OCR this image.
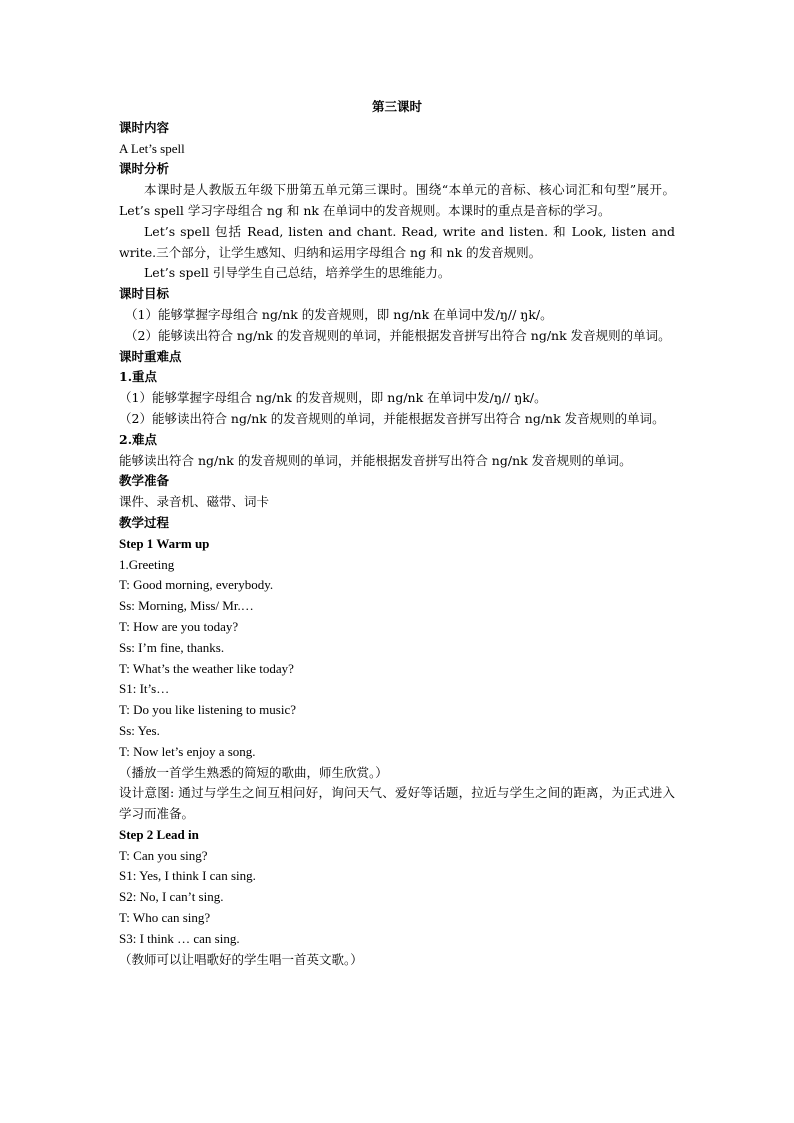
第三课时
课时内容
A Let’s spell
课时分析
本课时是人教版五年级下册第五单元第三课时。围绕“本单元的音标、核心词汇和句型”展开。Let’s spell 学习字母组合 ng 和 nk 在单词中的发音规则。本课时的重点是音标的学习。
Let’s spell 包括 Read, listen and chant. Read, write and listen. 和 Look, listen and write.三个部分，让学生感知、归纳和运用字母组合 ng 和 nk 的发音规则。
Let’s spell 引导学生自己总结，培养学生的思维能力。
课时目标
（1）能够掌握字母组合 ng/nk 的发音规则，即 ng/nk 在单词中发/ŋ// ŋk/。
（2）能够读出符合 ng/nk 的发音规则的单词，并能根据发音拼写出符合 ng/nk 发音规则的单词。
课时重难点
1.重点
（1）能够掌握字母组合 ng/nk 的发音规则，即 ng/nk 在单词中发/ŋ// ŋk/。
（2）能够读出符合 ng/nk 的发音规则的单词，并能根据发音拼写出符合 ng/nk 发音规则的单词。
2.难点
能够读出符合 ng/nk 的发音规则的单词，并能根据发音拼写出符合 ng/nk 发音规则的单词。
教学准备
课件、录音机、磁带、词卡
教学过程
Step 1 Warm up
1.Greeting
T: Good morning, everybody.
Ss: Morning, Miss/ Mr.…
T: How are you today?
Ss: I’m fine, thanks.
T: What’s the weather like today?
S1: It’s…
T: Do you like listening to music?
Ss: Yes.
T: Now let’s enjoy a song.
（播放一首学生熟悉的简短的歌曲，师生欣赏。）
设计意图: 通过与学生之间互相问好，询问天气、爱好等话题，拉近与学生之间的距离，为正式进入学习而准备。
Step 2 Lead in
T: Can you sing?
S1: Yes, I think I can sing.
S2: No, I can’t sing.
T: Who can sing?
S3: I think … can sing.
（教师可以让唱歌好的学生唱一首英文歌。）
